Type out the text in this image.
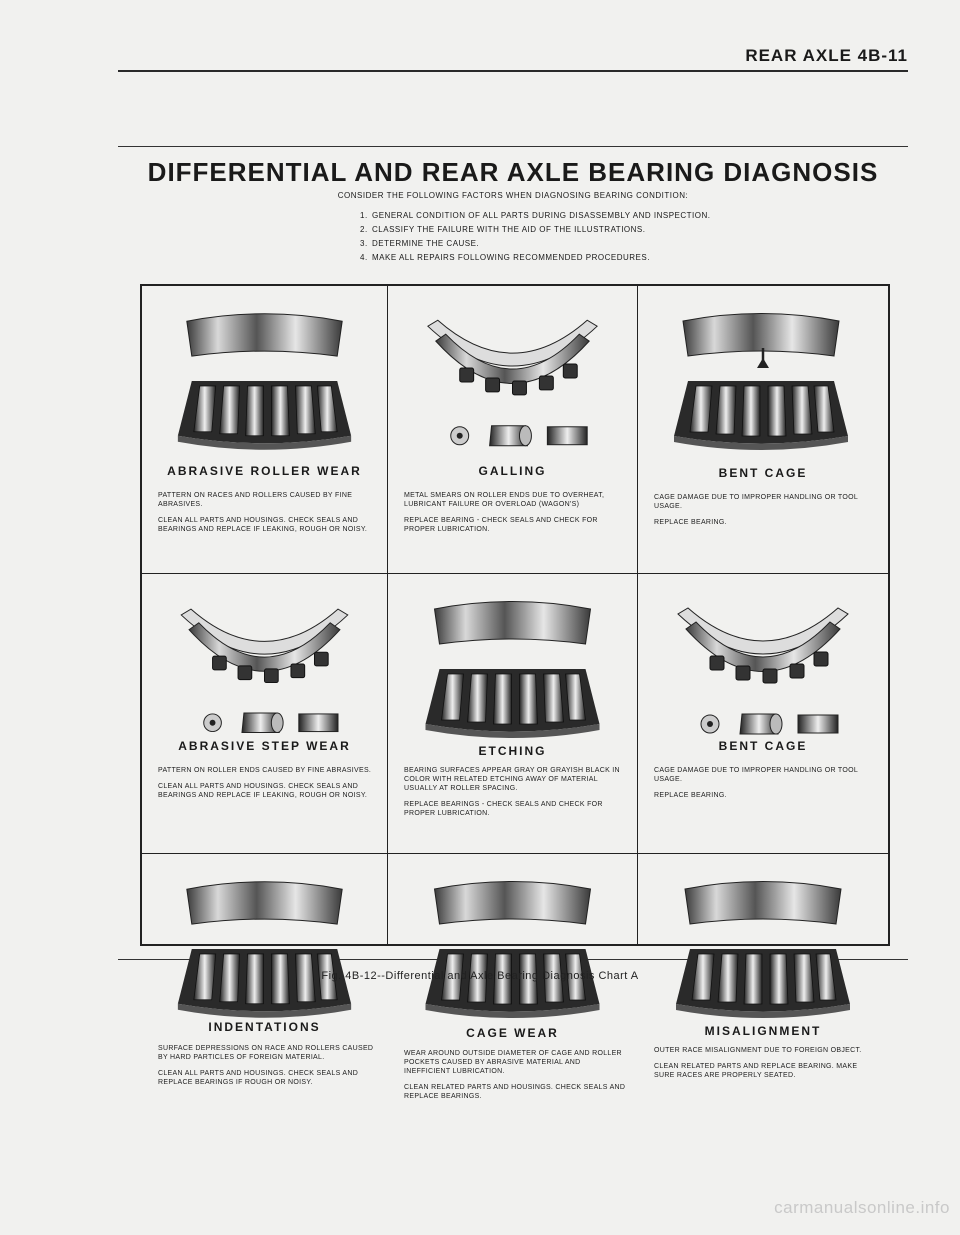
REAR AXLE 4B-11
DIFFERENTIAL AND REAR AXLE BEARING DIAGNOSIS
CONSIDER THE FOLLOWING FACTORS WHEN DIAGNOSING BEARING CONDITION:
1. GENERAL CONDITION OF ALL PARTS DURING DISASSEMBLY AND INSPECTION.
2. CLASSIFY THE FAILURE WITH THE AID OF THE ILLUSTRATIONS.
3. DETERMINE THE CAUSE.
4. MAKE ALL REPAIRS FOLLOWING RECOMMENDED PROCEDURES.
ABRASIVE ROLLER WEAR

PATTERN ON RACES AND ROLLERS CAUSED BY FINE ABRASIVES.

CLEAN ALL PARTS AND HOUSINGS. CHECK SEALS AND BEARINGS AND REPLACE IF LEAKING, ROUGH OR NOISY.

GALLING

METAL SMEARS ON ROLLER ENDS DUE TO OVERHEAT, LUBRICANT FAILURE OR OVERLOAD (WAGON'S)

REPLACE BEARING - CHECK SEALS AND CHECK FOR PROPER LUBRICATION.

BENT CAGE

CAGE DAMAGE DUE TO IMPROPER HANDLING OR TOOL USAGE.

REPLACE BEARING.

ABRASIVE STEP WEAR

PATTERN ON ROLLER ENDS CAUSED BY FINE ABRASIVES.

CLEAN ALL PARTS AND HOUSINGS. CHECK SEALS AND BEARINGS AND REPLACE IF LEAKING, ROUGH OR NOISY.

ETCHING

BEARING SURFACES APPEAR GRAY OR GRAYISH BLACK IN COLOR WITH RELATED ETCHING AWAY OF MATERIAL USUALLY AT ROLLER SPACING.

REPLACE BEARINGS - CHECK SEALS AND CHECK FOR PROPER LUBRICATION.

BENT CAGE

CAGE DAMAGE DUE TO IMPROPER HANDLING OR TOOL USAGE.

REPLACE BEARING.

INDENTATIONS

SURFACE DEPRESSIONS ON RACE AND ROLLERS CAUSED BY HARD PARTICLES OF FOREIGN MATERIAL.

CLEAN ALL PARTS AND HOUSINGS. CHECK SEALS AND REPLACE BEARINGS IF ROUGH OR NOISY.

CAGE WEAR

WEAR AROUND OUTSIDE DIAMETER OF CAGE AND ROLLER POCKETS CAUSED BY ABRASIVE MATERIAL AND INEFFICIENT LUBRICATION.

CLEAN RELATED PARTS AND HOUSINGS. CHECK SEALS AND REPLACE BEARINGS.

MISALIGNMENT

OUTER RACE MISALIGNMENT DUE TO FOREIGN OBJECT.

CLEAN RELATED PARTS AND REPLACE BEARING. MAKE SURE RACES ARE PROPERLY SEATED.

Fig. 4B-12--Differential and Axle Bearing Diagnosis Chart A
carmanualsonline.info
